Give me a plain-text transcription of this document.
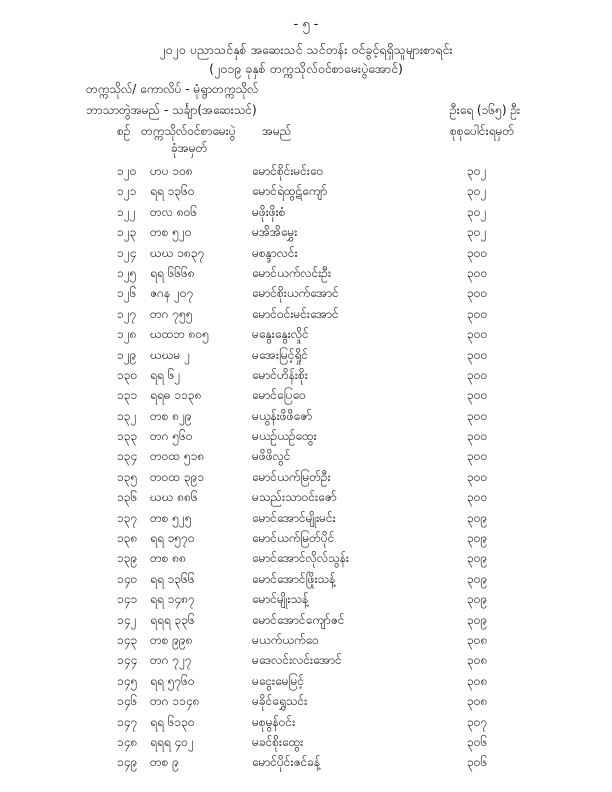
- ၅ -
၂၀၂၀ ပညာသင်နှစ် အဆေးသင် သင်တန်း ဝင်ခွင့်ရရှိသူများစာရင်း
(၂၀၁၉ ခုနှစ် တက္ကသိုလ်ဝင်စာမေးပွဲအောင်)
တက္ကသိုလ်/ ကောလိပ် - မုံရွာတက္ကသိုလ်
ဘာသာတွဲအမည် - သင်္ချာ(အဆေးသင်)	ဦးရေ (၁၆၅) ဦး
စဉ် တက္ကသိုလ်ဝင်စာမေးပွဲ
ခုံအမှတ်
အမည်	စုစုပေါင်းရမှတ်
၁၂၀ ဟပ ၁၀၈	မောင်စိုင်းမင်းဝေ	၃၀၂
၁၂၁ ရရ ၁၃၆၀	မောင်ရဲထွဋ်ကျော်	၃၀၂
၁၂၂ တလ ၈၀၆	မဖိုးဖိုးစံ	၃၀၂
၁၂၃ တစ ၅၂၀	မအိအိမွှေး	၃၀၂
၁၂၄ ဃဃ ၁၈၃၇	မစန္ဒာလင်း	၃၀၀
၁၂၅ ရရ ၆၆၆၈	မောင်ယက်လင်းဦး	၃၀၀
၁၂၆ ဇဂန ၂၀၇	မောင်စိုးယက်အောင်	၃၀၀
၁၂၇ တဂ ၇၅၅	မောင်ဝင်းမင်းအောင်	၃၀၀
၁၂၈ ဃထဘ ၈၀၅	မနွေးနွေးလှိုင်	၃၀၀
၁၂၉ ဃဃမ ၂	မအေးမြင့်ရှိုင်	၃၀၀
၁၃၀ ရရ ၆၂	မောင်ဟိန်းစိုး	၃၀၀
၁၃၁ ရရဓ ၁၁၃၈	မောင်ပြေဝေ	၃၀၀
၁၃၂ တစ ၈၂၉	မယွန်းဖိဖိဇော်	၃၀၀
၁၃၃ တဂ ၅၆၀	မယဉ်ယဉ်ထွေး	၃၀၀
၁၃၄ တဝထ ၅၁၈	မဖိဖိလွင်	၃၀၀
၁၃၅ တဝထ ၃၉၁	မောင်ယက်မြတ်ဦး	၃၀၀
၁၃၆ ဃဃ ၈၈၆	မသည်းသာဝင်းဇော်	၃၀၀
၁၃၇ တစ ၅၂၅	မောင်အောင်မျိုးမင်း	၃၀၉
၁၃၈ ရရ ၁၅၇၀	မောင်ယက်မြတ်ပိုင်	၃၀၉
၁၃၉ တစ ၈၈	မောင်အောင်လိုလ်သွန်း	၃၀၉
၁၄၀ ရရ ၁၃၆၆	မောင်အောင်ဖြိုးသန့်	၃၀၉
၁၄၁ ရရ ၁၄၈၇	မောင်မျိုးသန့်	၃၀၉
၁၄၂ ရရရ ၃၃၆	မောင်အောင်ကျော်ဇင်	၃၀၉
၁၄၃ တစ ၉၉၈	မယက်ယက်ဝေ	၃၀၈
၁၄၄ တဂ ၇၂၇	မဒေလင်းလင်းအောင်	၃၀၈
၁၄၅ ရရ ၅၇၆၀	မငွေးမေမြင့်	၃၀၈
၁၄၆ တဂ ၁၁၄၈	မခိုင်ရွှေသင်း	၃၀၈
၁၄၇ ရရ ၆၁၃၀	မစုမွန်ဝင်း	၃၀၇
၁၄၈ ရရရ ၄၀၂	မခင်စိုးထွေး	၃၀၆
၁၄၉ တစ ၉	မောင်ပိုင်းဇင်ခန့်	၃၀၆
